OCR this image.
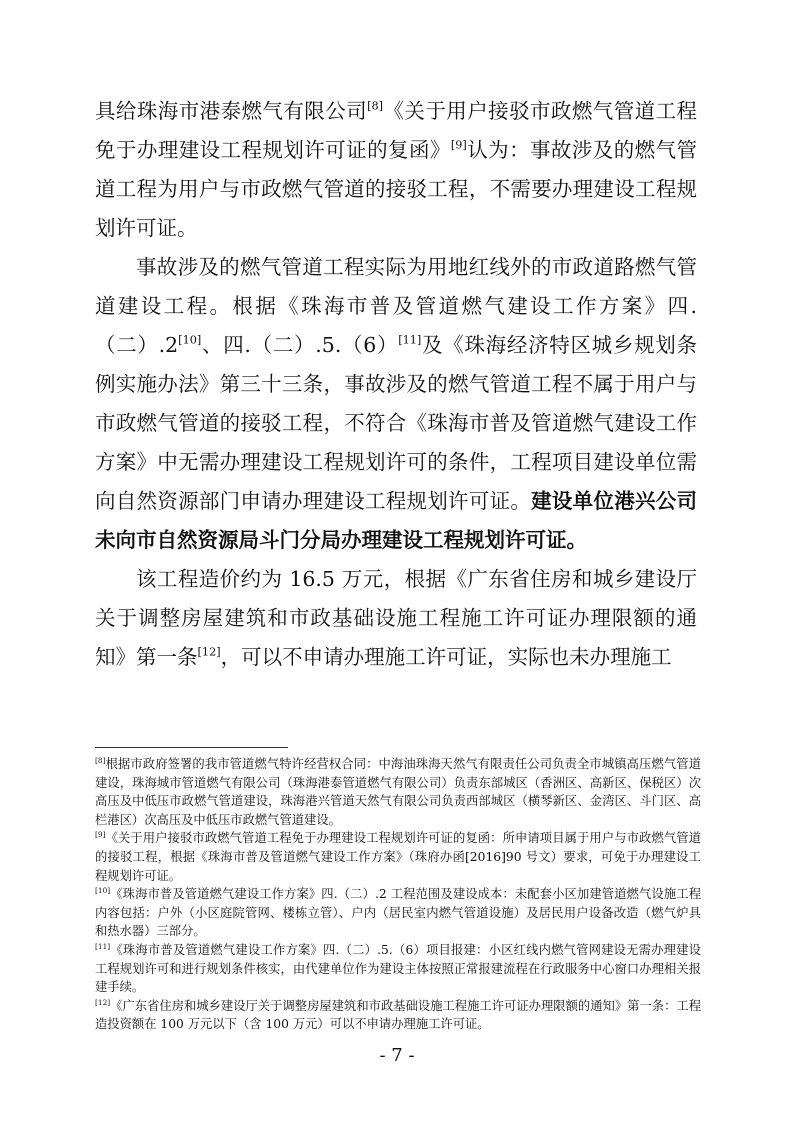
具给珠海市港泰燃气有限公司[8]《关于用户接驳市政燃气管道工程免于办理建设工程规划许可证的复函》[9]认为：事故涉及的燃气管道工程为用户与市政燃气管道的接驳工程，不需要办理建设工程规划许可证。

事故涉及的燃气管道工程实际为用地红线外的市政道路燃气管道建设工程。根据《珠海市普及管道燃气建设工作方案》四.（二）.2[10]、四.（二）.5.（6）[11]及《珠海经济特区城乡规划条例实施办法》第三十三条，事故涉及的燃气管道工程不属于用户与市政燃气管道的接驳工程，不符合《珠海市普及管道燃气建设工作方案》中无需办理建设工程规划许可的条件，工程项目建设单位需向自然资源部门申请办理建设工程规划许可证。建设单位港兴公司未向市自然资源局斗门分局办理建设工程规划许可证。

该工程造价约为 16.5 万元，根据《广东省住房和城乡建设厅关于调整房屋建筑和市政基础设施工程施工许可证办理限额的通知》第一条[12]，可以不申请办理施工许可证，实际也未办理施工

[8]根据市政府签署的我市管道燃气特许经营权合同：中海油珠海天然气有限责任公司负责全市城镇高压燃气管道建设，珠海城市管道燃气有限公司（珠海港泰管道燃气有限公司）负责东部城区（香洲区、高新区、保税区）次高压及中低压市政燃气管道建设，珠海港兴管道天然气有限公司负责西部城区（横琴新区、金湾区、斗门区、高栏港区）次高压及中低压市政燃气管道建设。

[9]《关于用户接驳市政燃气管道工程免于办理建设工程规划许可证的复函：所申请项目属于用户与市政燃气管道的接驳工程，根据《珠海市普及管道燃气建设工作方案》（珠府办函[2016]90 号文）要求，可免于办理建设工程规划许可证。

[10]《珠海市普及管道燃气建设工作方案》四.（二）.2 工程范围及建设成本：未配套小区加建管道燃气设施工程内容包括：户外（小区庭院管网、楼栋立管）、户内（居民室内燃气管道设施）及居民用户设备改造（燃气炉具和热水器）三部分。

[11]《珠海市普及管道燃气建设工作方案》四.（二）.5.（6）项目报建：小区红线内燃气管网建设无需办理建设工程规划许可和进行规划条件核实，由代建单位作为建设主体按照正常报建流程在行政服务中心窗口办理相关报建手续。

[12]《广东省住房和城乡建设厅关于调整房屋建筑和市政基础设施工程施工许可证办理限额的通知》第一条：工程造投资额在 100 万元以下（含 100 万元）可以不申请办理施工许可证。

- 7 -
